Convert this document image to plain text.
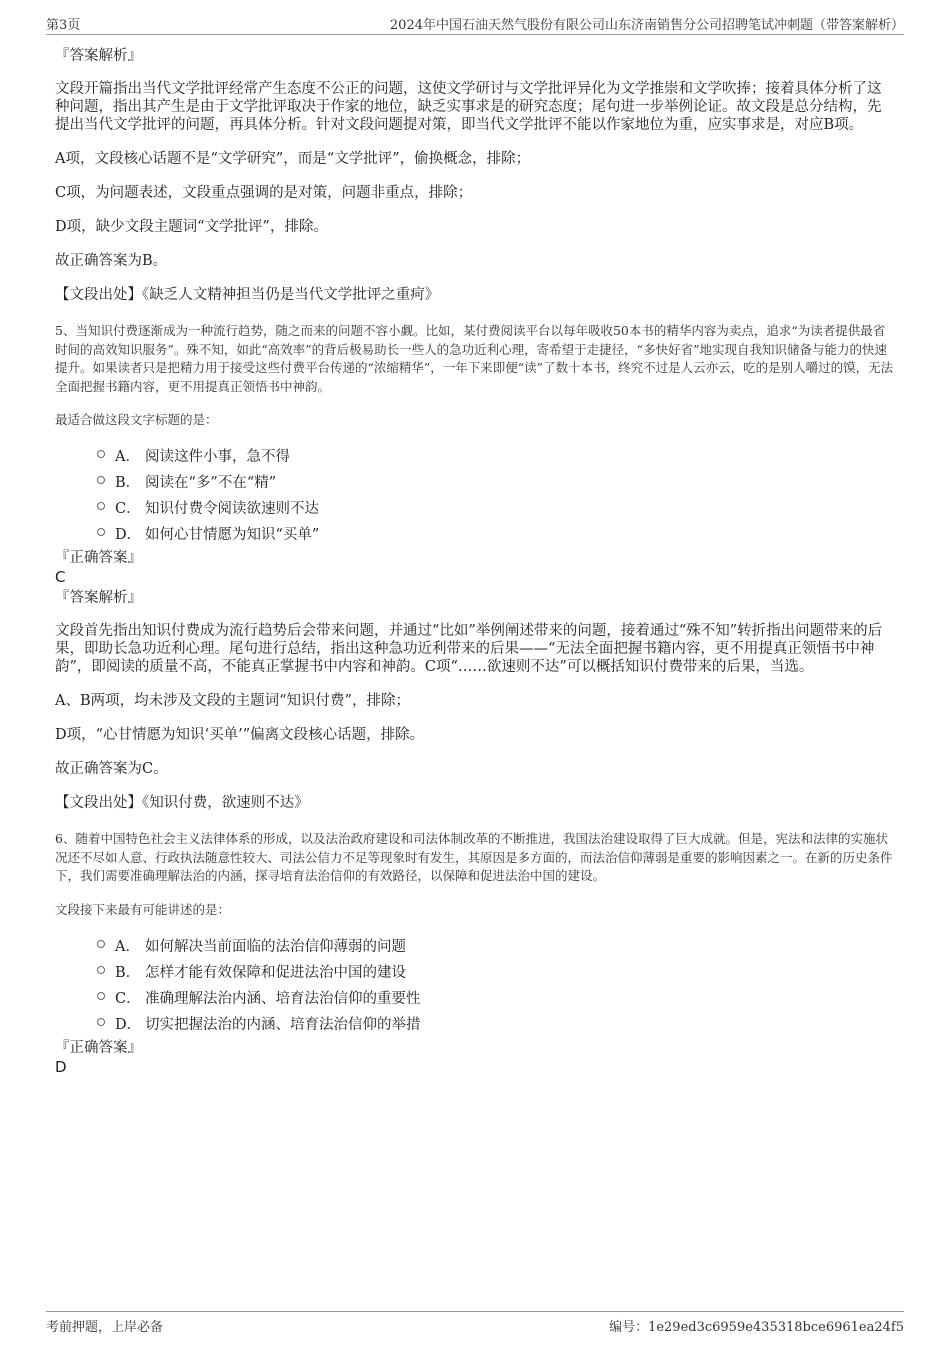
第3页	2024年中国石油天然气股份有限公司山东济南销售分公司招聘笔试冲刺题（带答案解析）

『答案解析』

文段开篇指出当代文学批评经常产生态度不公正的问题，这使文学研讨与文学批评异化为文学推崇和文学吹捧；接着具体分析了这种问题，指出其产生是由于文学批评取决于作家的地位，缺乏实事求是的研究态度；尾句进一步举例论证。故文段是总分结构，先提出当代文学批评的问题，再具体分析。针对文段问题提对策，即当代文学批评不能以作家地位为重，应实事求是，对应B项。

A项，文段核心话题不是“文学研究”，而是“文学批评”，偷换概念，排除；

C项，为问题表述，文段重点强调的是对策，问题非重点，排除；

D项，缺少文段主题词“文学批评”，排除。

故正确答案为B。

【文段出处】《缺乏人文精神担当仍是当代文学批评之重疴》

5、当知识付费逐渐成为一种流行趋势，随之而来的问题不容小觑。比如，某付费阅读平台以每年吸收50本书的精华内容为卖点，追求“为读者提供最省时间的高效知识服务”。殊不知，如此“高效率”的背后极易助长一些人的急功近利心理，寄希望于走捷径，“多快好省”地实现自我知识储备与能力的快速提升。如果读者只是把精力用于接受这些付费平台传递的“浓缩精华”，一年下来即便“读”了数十本书，终究不过是人云亦云，吃的是别人嚼过的馍，无法全面把握书籍内容，更不用提真正领悟书中神韵。

最适合做这段文字标题的是：

A． 阅读这件小事，急不得
B． 阅读在“多”不在“精”
C． 知识付费令阅读欲速则不达
D． 如何心甘情愿为知识“买单”

『正确答案』

C

『答案解析』

文段首先指出知识付费成为流行趋势后会带来问题，并通过“比如”举例阐述带来的问题，接着通过“殊不知”转折指出问题带来的后果，即助长急功近利心理。尾句进行总结，指出这种急功近利带来的后果——“无法全面把握书籍内容，更不用提真正领悟书中神韵”，即阅读的质量不高，不能真正掌握书中内容和神韵。C项“……欲速则不达”可以概括知识付费带来的后果，当选。

A、B两项，均未涉及文段的主题词“知识付费”，排除；

D项，“心甘情愿为知识‘买单’”偏离文段核心话题，排除。

故正确答案为C。

【文段出处】《知识付费，欲速则不达》

6、随着中国特色社会主义法律体系的形成，以及法治政府建设和司法体制改革的不断推进，我国法治建设取得了巨大成就。但是，宪法和法律的实施状况还不尽如人意、行政执法随意性较大、司法公信力不足等现象时有发生，其原因是多方面的，而法治信仰薄弱是重要的影响因素之一。在新的历史条件下，我们需要准确理解法治的内涵，探寻培育法治信仰的有效路径，以保障和促进法治中国的建设。

文段接下来最有可能讲述的是：

A． 如何解决当前面临的法治信仰薄弱的问题
B． 怎样才能有效保障和促进法治中国的建设
C． 准确理解法治内涵、培育法治信仰的重要性
D． 切实把握法治的内涵、培育法治信仰的举措

『正确答案』

D

考前押题，上岸必备	编号：1e29ed3c6959e435318bce6961ea24f5
